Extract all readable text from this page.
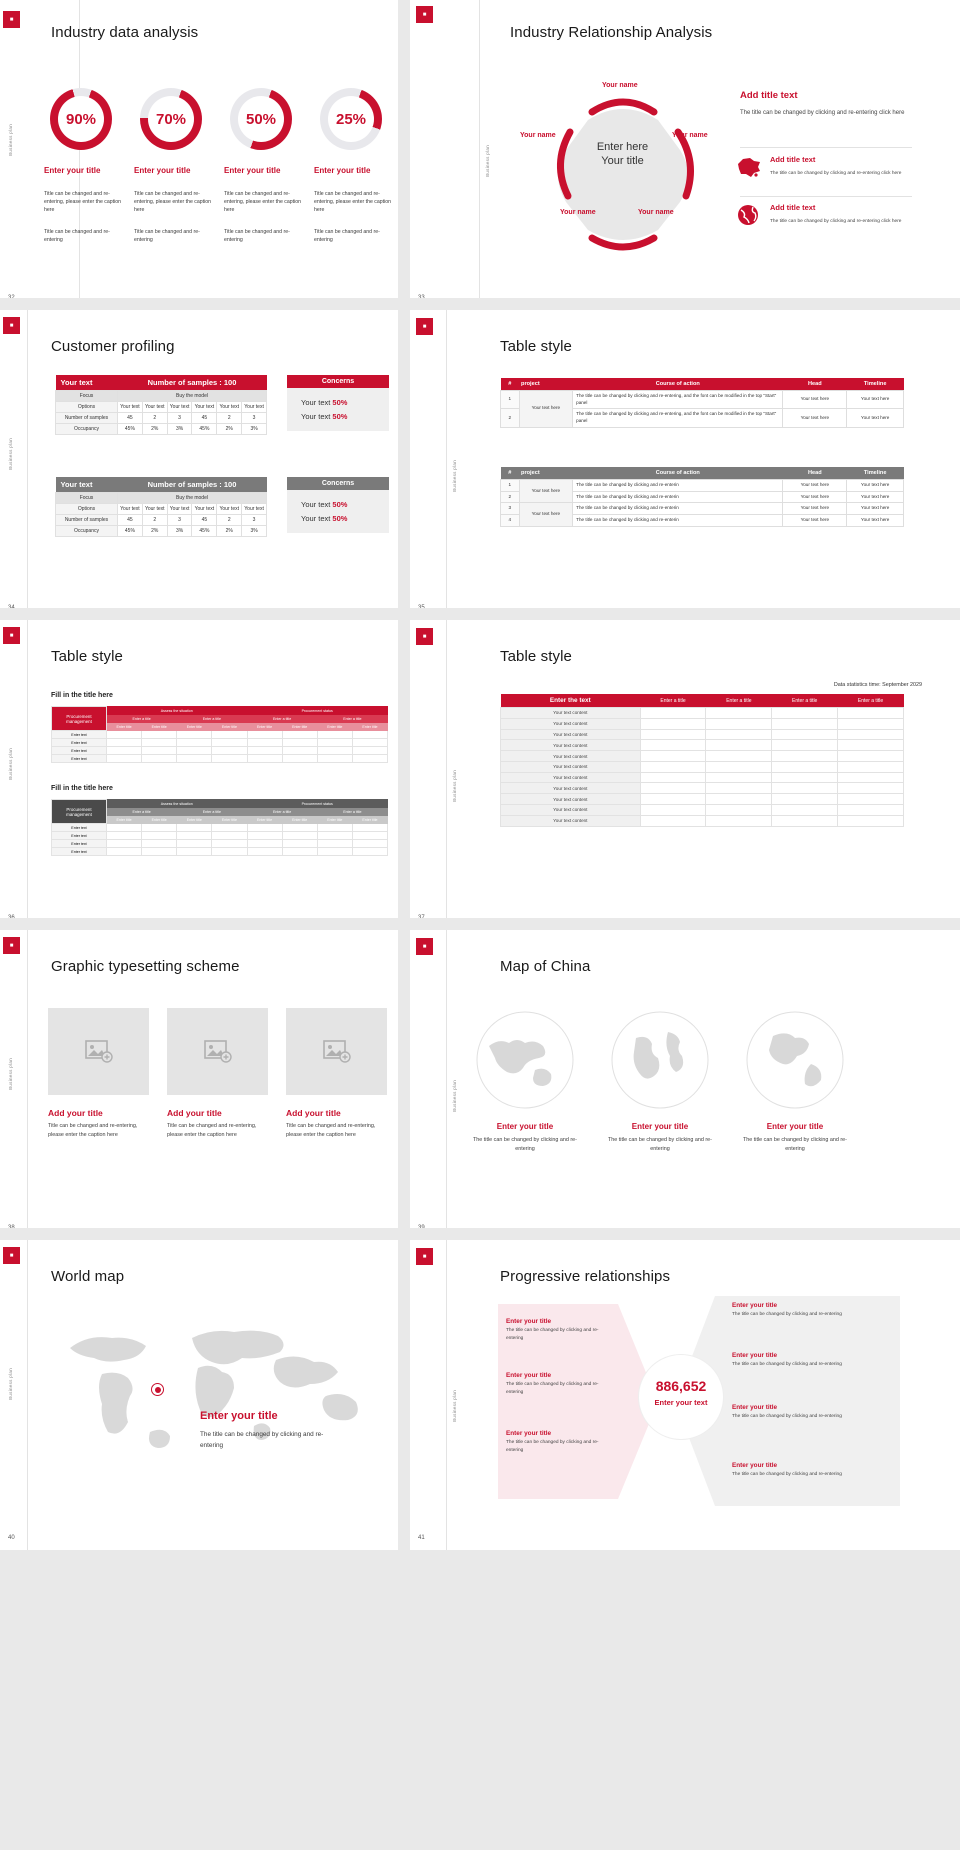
■
Business plan
Industry data analysis
90%
Enter your title
Title can be changed and re-entering, please enter the caption here
Title can be changed and re-entering
70%
Enter your title
Title can be changed and re-entering, please enter the caption here
Title can be changed and re-entering
50%
Enter your title
Title can be changed and re-entering, please enter the caption here
Title can be changed and re-entering
25%
Enter your title
Title can be changed and re-entering, please enter the caption here
Title can be changed and re-entering
■
Business plan
Industry Relationship Analysis
Your name
Your name
Your name
Your name
Your name
Enter here
Your title
Add title text
The title can be changed by clicking and re-entering click here
Add title text
The title can be changed by clicking and re-entering click here
Add title text
The title can be changed by clicking and re-entering click here
■
Business plan
Customer profiling
Your text	Number of samples : 100					
Focus	Buy the model					
Options	Your text	Your text	Your text	Your text	Your text	Your text
Number of samples	45	2	3	45	2	3
Occupancy	45%	2%	3%	45%	2%	3%
Your text	Number of samples : 100					
Focus	Buy the model					
Options	Your text	Your text	Your text	Your text	Your text	Your text
Number of samples	45	2	3	45	2	3
Occupancy	45%	2%	3%	45%	2%	3%
Concerns
Your text 50%
Your text 50%
Concerns
Your text 50%
Your text 50%
■
Business plan
Table style
#	project	Course of action	Head	Timeline
1	Your text here	The title can be changed by clicking and re-entering, and the font can be modified in the top "Start" panel	Your text here	Your text here
2		The title can be changed by clicking and re-entering, and the font can be modified in the top "Start" panel	Your text here	Your text here
#	project	Course of action	Head	Timeline
1	Your text here	The title can be changed by clicking and re-enterin	Your text here	Your text here
2		The title can be changed by clicking and re-enterin	Your text here	Your text here
3	Your text here	The title can be changed by clicking and re-enterin	Your text here	Your text here
4		The title can be changed by clicking and re-enterin	Your text here	Your text here
■
Business plan
Table style
Fill in the title here
Procurement management	Assess the situation				Procurement status			
	Enter a title		Enter a title		Enter a title		Enter a title	
	Enter title	Enter title	Enter title	Enter title	Enter title	Enter title	Enter title	Enter title
Enter text								
Enter text								
Enter text								
Enter text								
Fill in the title here
Procurement management	Assess the situation				Procurement status			
	Enter a title		Enter a title		Enter a title		Enter a title	
	Enter title	Enter title	Enter title	Enter title	Enter title	Enter title	Enter title	Enter title
Enter text								
Enter text								
Enter text								
Enter text								
■
Business plan
Table style
Data statistics time: September 2029
Enter the text	Enter a title	Enter a title	Enter a title	Enter a title
Your text content				
Your text content				
Your text content				
Your text content				
Your text content				
Your text content				
Your text content				
Your text content				
Your text content				
Your text content				
Your text content				
■
Business plan
Graphic typesetting scheme
Add your title
Title can be changed and re-entering, please enter the caption here
Add your title
Title can be changed and re-entering, please enter the caption here
Add your title
Title can be changed and re-entering, please enter the caption here
■
Business plan
Map of China
Enter your title
The title can be changed by clicking and re-entering
Enter your title
The title can be changed by clicking and re-entering
Enter your title
The title can be changed by clicking and re-entering
■
Business plan
World map
Enter your title
The title can be changed by clicking and re-entering
40
■
Business plan
Progressive relationships
886,652
Enter your text
Enter your title
The title can be changed by clicking and re-entering
Enter your title
The title can be changed by clicking and re-entering
Enter your title
The title can be changed by clicking and re-entering
Enter your title
The title can be changed by clicking and re-entering
Enter your title
The title can be changed by clicking and re-entering
Enter your title
The title can be changed by clicking and re-entering
Enter your title
The title can be changed by clicking and re-entering
41
